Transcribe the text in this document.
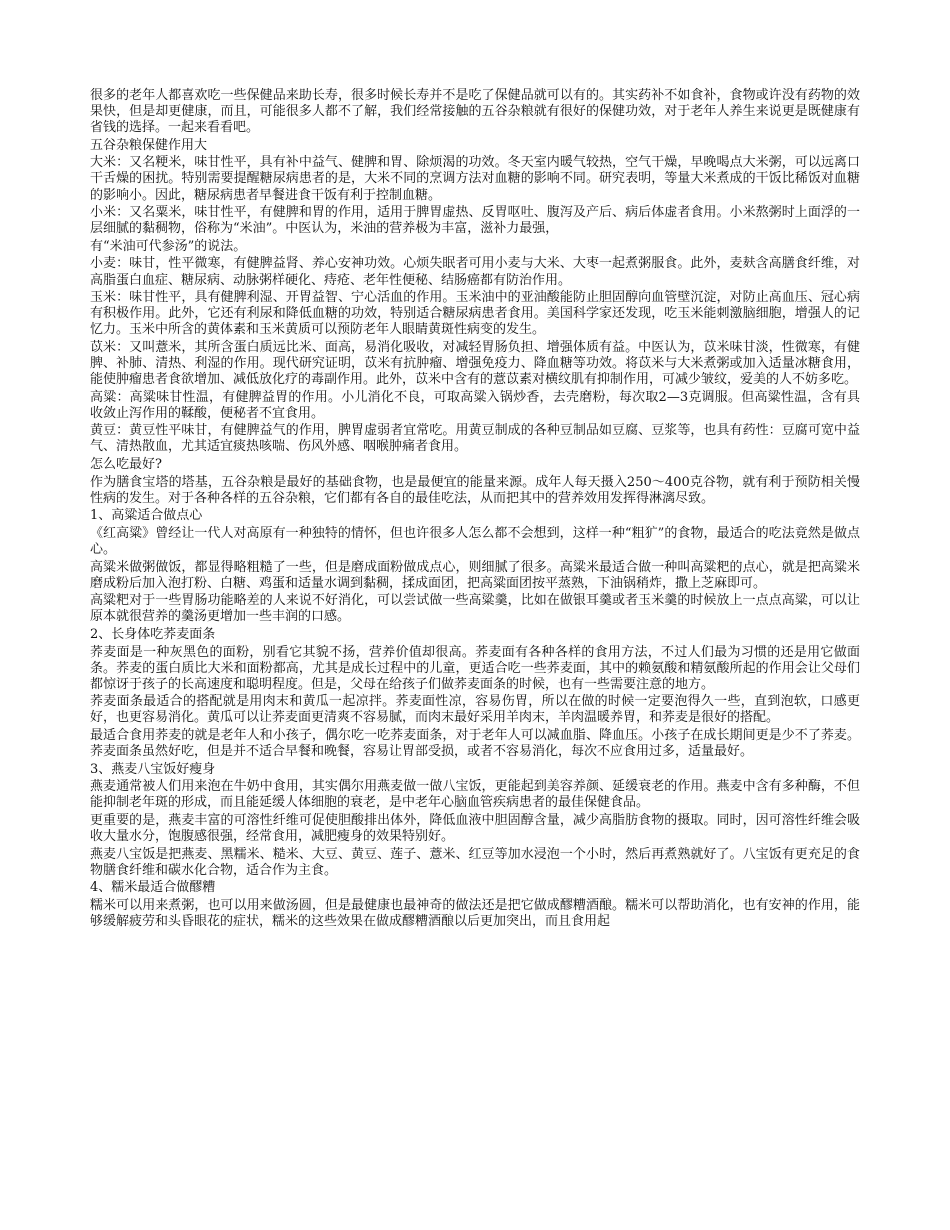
很多的老年人都喜欢吃一些保健品来助长寿，很多时候长寿并不是吃了保健品就可以有的。其实药补不如食补，食物或许没有药物的效果快，但是却更健康，而且，可能很多人都不了解，我们经常接触的五谷杂粮就有很好的保健功效，对于老年人养生来说更是既健康有省钱的选择。一起来看看吧。

五谷杂粮保健作用大

大米：又名粳米，味甘性平，具有补中益气、健脾和胃、除烦渴的功效。冬天室内暖气较热，空气干燥，早晚喝点大米粥，可以远离口干舌燥的困扰。特别需要提醒糖尿病患者的是，大米不同的烹调方法对血糖的影响不同。研究表明，等量大米煮成的干饭比稀饭对血糖的影响小。因此，糖尿病患者早餐进食干饭有利于控制血糖。

小米：又名粟米，味甘性平，有健脾和胃的作用，适用于脾胃虚热、反胃呕吐、腹泻及产后、病后体虚者食用。小米熬粥时上面浮的一层细腻的黏稠物，俗称为“米油”。中医认为，米油的营养极为丰富，滋补力最强，

有“米油可代参汤”的说法。

小麦：味甘，性平微寒，有健脾益肾、养心安神功效。心烦失眠者可用小麦与大米、大枣一起煮粥服食。此外，麦麸含高膳食纤维，对高脂蛋白血症、糖尿病、动脉粥样硬化、痔疮、老年性便秘、结肠癌都有防治作用。

玉米：味甘性平，具有健脾利湿、开胃益智、宁心活血的作用。玉米油中的亚油酸能防止胆固醇向血管壁沉淀，对防止高血压、冠心病有积极作用。此外，它还有利尿和降低血糖的功效，特别适合糖尿病患者食用。美国科学家还发现，吃玉米能刺激脑细胞，增强人的记忆力。玉米中所含的黄体素和玉米黄质可以预防老年人眼睛黄斑性病变的发生。

苡米：又叫薏米，其所含蛋白质远比米、面高，易消化吸收，对减轻胃肠负担、增强体质有益。中医认为，苡米味甘淡，性微寒，有健脾、补肺、清热、利湿的作用。现代研究证明，苡米有抗肿瘤、增强免疫力、降血糖等功效。将苡米与大米煮粥或加入适量冰糖食用，能使肿瘤患者食欲增加、减低放化疗的毒副作用。此外，苡米中含有的薏苡素对横纹肌有抑制作用，可减少皱纹，爱美的人不妨多吃。

高粱：高粱味甘性温，有健脾益胃的作用。小儿消化不良，可取高粱入锅炒香，去壳磨粉，每次取2—3克调服。但高粱性温，含有具收敛止泻作用的鞣酸，便秘者不宜食用。

黄豆：黄豆性平味甘，有健脾益气的作用，脾胃虚弱者宜常吃。用黄豆制成的各种豆制品如豆腐、豆浆等，也具有药性：豆腐可宽中益气、清热散血，尤其适宜痰热咳喘、伤风外感、咽喉肿痛者食用。

怎么吃最好?

作为膳食宝塔的塔基，五谷杂粮是最好的基础食物，也是最便宜的能量来源。成年人每天摄入250～400克谷物，就有利于预防相关慢性病的发生。对于各种各样的五谷杂粮，它们都有各自的最佳吃法，从而把其中的营养效用发挥得淋漓尽致。

1、高粱适合做点心

《红高粱》曾经让一代人对高原有一种独特的情怀，但也许很多人怎么都不会想到，这样一种“粗犷”的食物，最适合的吃法竟然是做点心。

高粱米做粥做饭，都显得略粗糙了一些，但是磨成面粉做成点心，则细腻了很多。高粱米最适合做一种叫高粱粑的点心，就是把高粱米磨成粉后加入泡打粉、白糖、鸡蛋和适量水调到黏稠，揉成面团，把高粱面团按平蒸熟，下油锅稍炸，撒上芝麻即可。

高粱粑对于一些胃肠功能略差的人来说不好消化，可以尝试做一些高粱羹，比如在做银耳羹或者玉米羹的时候放上一点点高粱，可以让原本就很营养的羹汤更增加一些丰润的口感。

2、长身体吃荞麦面条

荞麦面是一种灰黑色的面粉，别看它其貌不扬，营养价值却很高。荞麦面有各种各样的食用方法，不过人们最为习惯的还是用它做面条。荞麦的蛋白质比大米和面粉都高，尤其是成长过程中的儿童，更适合吃一些荞麦面，其中的赖氨酸和精氨酸所起的作用会让父母们都惊讶于孩子的长高速度和聪明程度。但是，父母在给孩子们做荞麦面条的时候，也有一些需要注意的地方。

荞麦面条最适合的搭配就是用肉末和黄瓜一起凉拌。荞麦面性凉，容易伤胃，所以在做的时候一定要泡得久一些，直到泡软，口感更好，也更容易消化。黄瓜可以让荞麦面更清爽不容易腻，而肉末最好采用羊肉末，羊肉温暖养胃，和荞麦是很好的搭配。

最适合食用荞麦的就是老年人和小孩子，偶尔吃一吃荞麦面条，对于老年人可以减血脂、降血压。小孩子在成长期间更是少不了荞麦。荞麦面条虽然好吃，但是并不适合早餐和晚餐，容易让胃部受损，或者不容易消化，每次不应食用过多，适量最好。

3、燕麦八宝饭好瘦身

燕麦通常被人们用来泡在牛奶中食用，其实偶尔用燕麦做一做八宝饭，更能起到美容养颜、延缓衰老的作用。燕麦中含有多种酶，不但能抑制老年斑的形成，而且能延缓人体细胞的衰老，是中老年心脑血管疾病患者的最佳保健食品。

更重要的是，燕麦丰富的可溶性纤维可促使胆酸排出体外，降低血液中胆固醇含量，减少高脂肪食物的摄取。同时，因可溶性纤维会吸收大量水分，饱腹感很强，经常食用，减肥瘦身的效果特别好。

燕麦八宝饭是把燕麦、黑糯米、糙米、大豆、黄豆、莲子、薏米、红豆等加水浸泡一个小时，然后再煮熟就好了。八宝饭有更充足的食物膳食纤维和碳水化合物，适合作为主食。

4、糯米最适合做醪糟

糯米可以用来煮粥，也可以用来做汤圆，但是最健康也最神奇的做法还是把它做成醪糟酒酿。糯米可以帮助消化，也有安神的作用，能够缓解疲劳和头昏眼花的症状，糯米的这些效果在做成醪糟酒酿以后更加突出，而且食用起
